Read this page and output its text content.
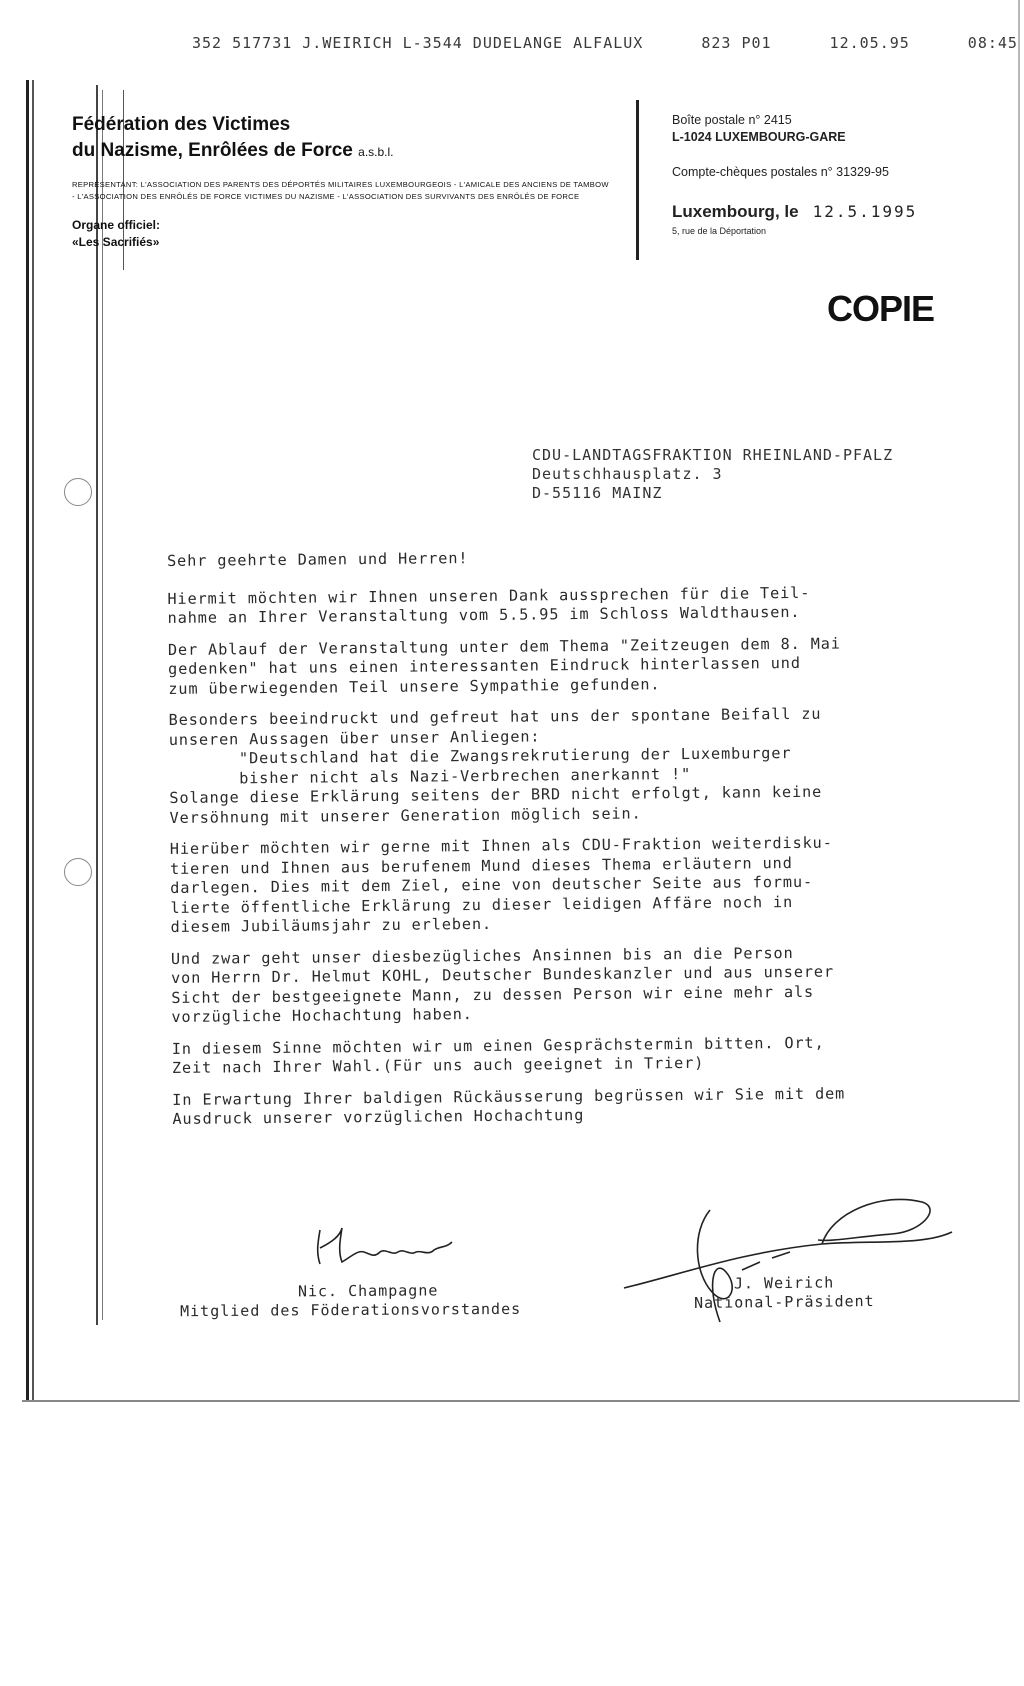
352 517731 J.WEIRICH L-3544 DUDELANGE ALFALUX	823 P01	12.05.95	08:45
Fédération des Victimes
du Nazisme, Enrôlées de Force a.s.b.l.
REPRÉSENTANT: L'ASSOCIATION DES PARENTS DES DÉPORTÉS MILITAIRES LUXEMBOURGEOIS - L'AMICALE DES ANCIENS DE TAMBOW - L'ASSOCIATION DES ENRÔLÉS DE FORCE VICTIMES DU NAZISME - L'ASSOCIATION DES SURVIVANTS DES ENRÔLÉS DE FORCE
Organe officiel:
«Les Sacrifiés»
Boîte postale n° 2415
L-1024 LUXEMBOURG-GARE
Compte-chèques postales n° 31329-95
Luxembourg, le 12.5.1995
5, rue de la Déportation
COPIE
CDU-LANDTAGSFRAKTION RHEINLAND-PFALZ
Deutschhausplatz. 3
D-55116 MAINZ

Sehr geehrte Damen und Herren!

Hiermit möchten wir Ihnen unseren Dank aussprechen für die Teil-
nahme an Ihrer Veranstaltung vom 5.5.95 im Schloss Waldthausen.

Der Ablauf der Veranstaltung unter dem Thema "Zeitzeugen dem 8. Mai
gedenken" hat uns einen interessanten Eindruck hinterlassen und
zum überwiegenden Teil unsere Sympathie gefunden.

Besonders beeindruckt und gefreut hat uns der spontane Beifall zu
unseren Aussagen über unser Anliegen:

"Deutschland hat die Zwangsrekrutierung der Luxemburger
bisher nicht als Nazi-Verbrechen anerkannt !"

Solange diese Erklärung seitens der BRD nicht erfolgt, kann keine
Versöhnung mit unserer Generation möglich sein.

Hierüber möchten wir gerne mit Ihnen als CDU-Fraktion weiterdisku-
tieren und Ihnen aus berufenem Mund dieses Thema erläutern und
darlegen. Dies mit dem Ziel, eine von deutscher Seite aus formu-
lierte öffentliche Erklärung zu dieser leidigen Affäre noch in
diesem Jubiläumsjahr zu erleben.

Und zwar geht unser diesbezügliches Ansinnen bis an die Person
von Herrn Dr. Helmut KOHL, Deutscher Bundeskanzler und aus unserer
Sicht der bestgeeignete Mann, zu dessen Person wir eine mehr als
vorzügliche Hochachtung haben.

In diesem Sinne möchten wir um einen Gesprächstermin bitten. Ort,
Zeit nach Ihrer Wahl.(Für uns auch geeignet in Trier)

In Erwartung Ihrer baldigen Rückäusserung begrüssen wir Sie mit dem
Ausdruck unserer vorzüglichen Hochachtung

Nic. Champagne
Mitglied des Föderationsvorstandes
J. Weirich
National-Präsident
